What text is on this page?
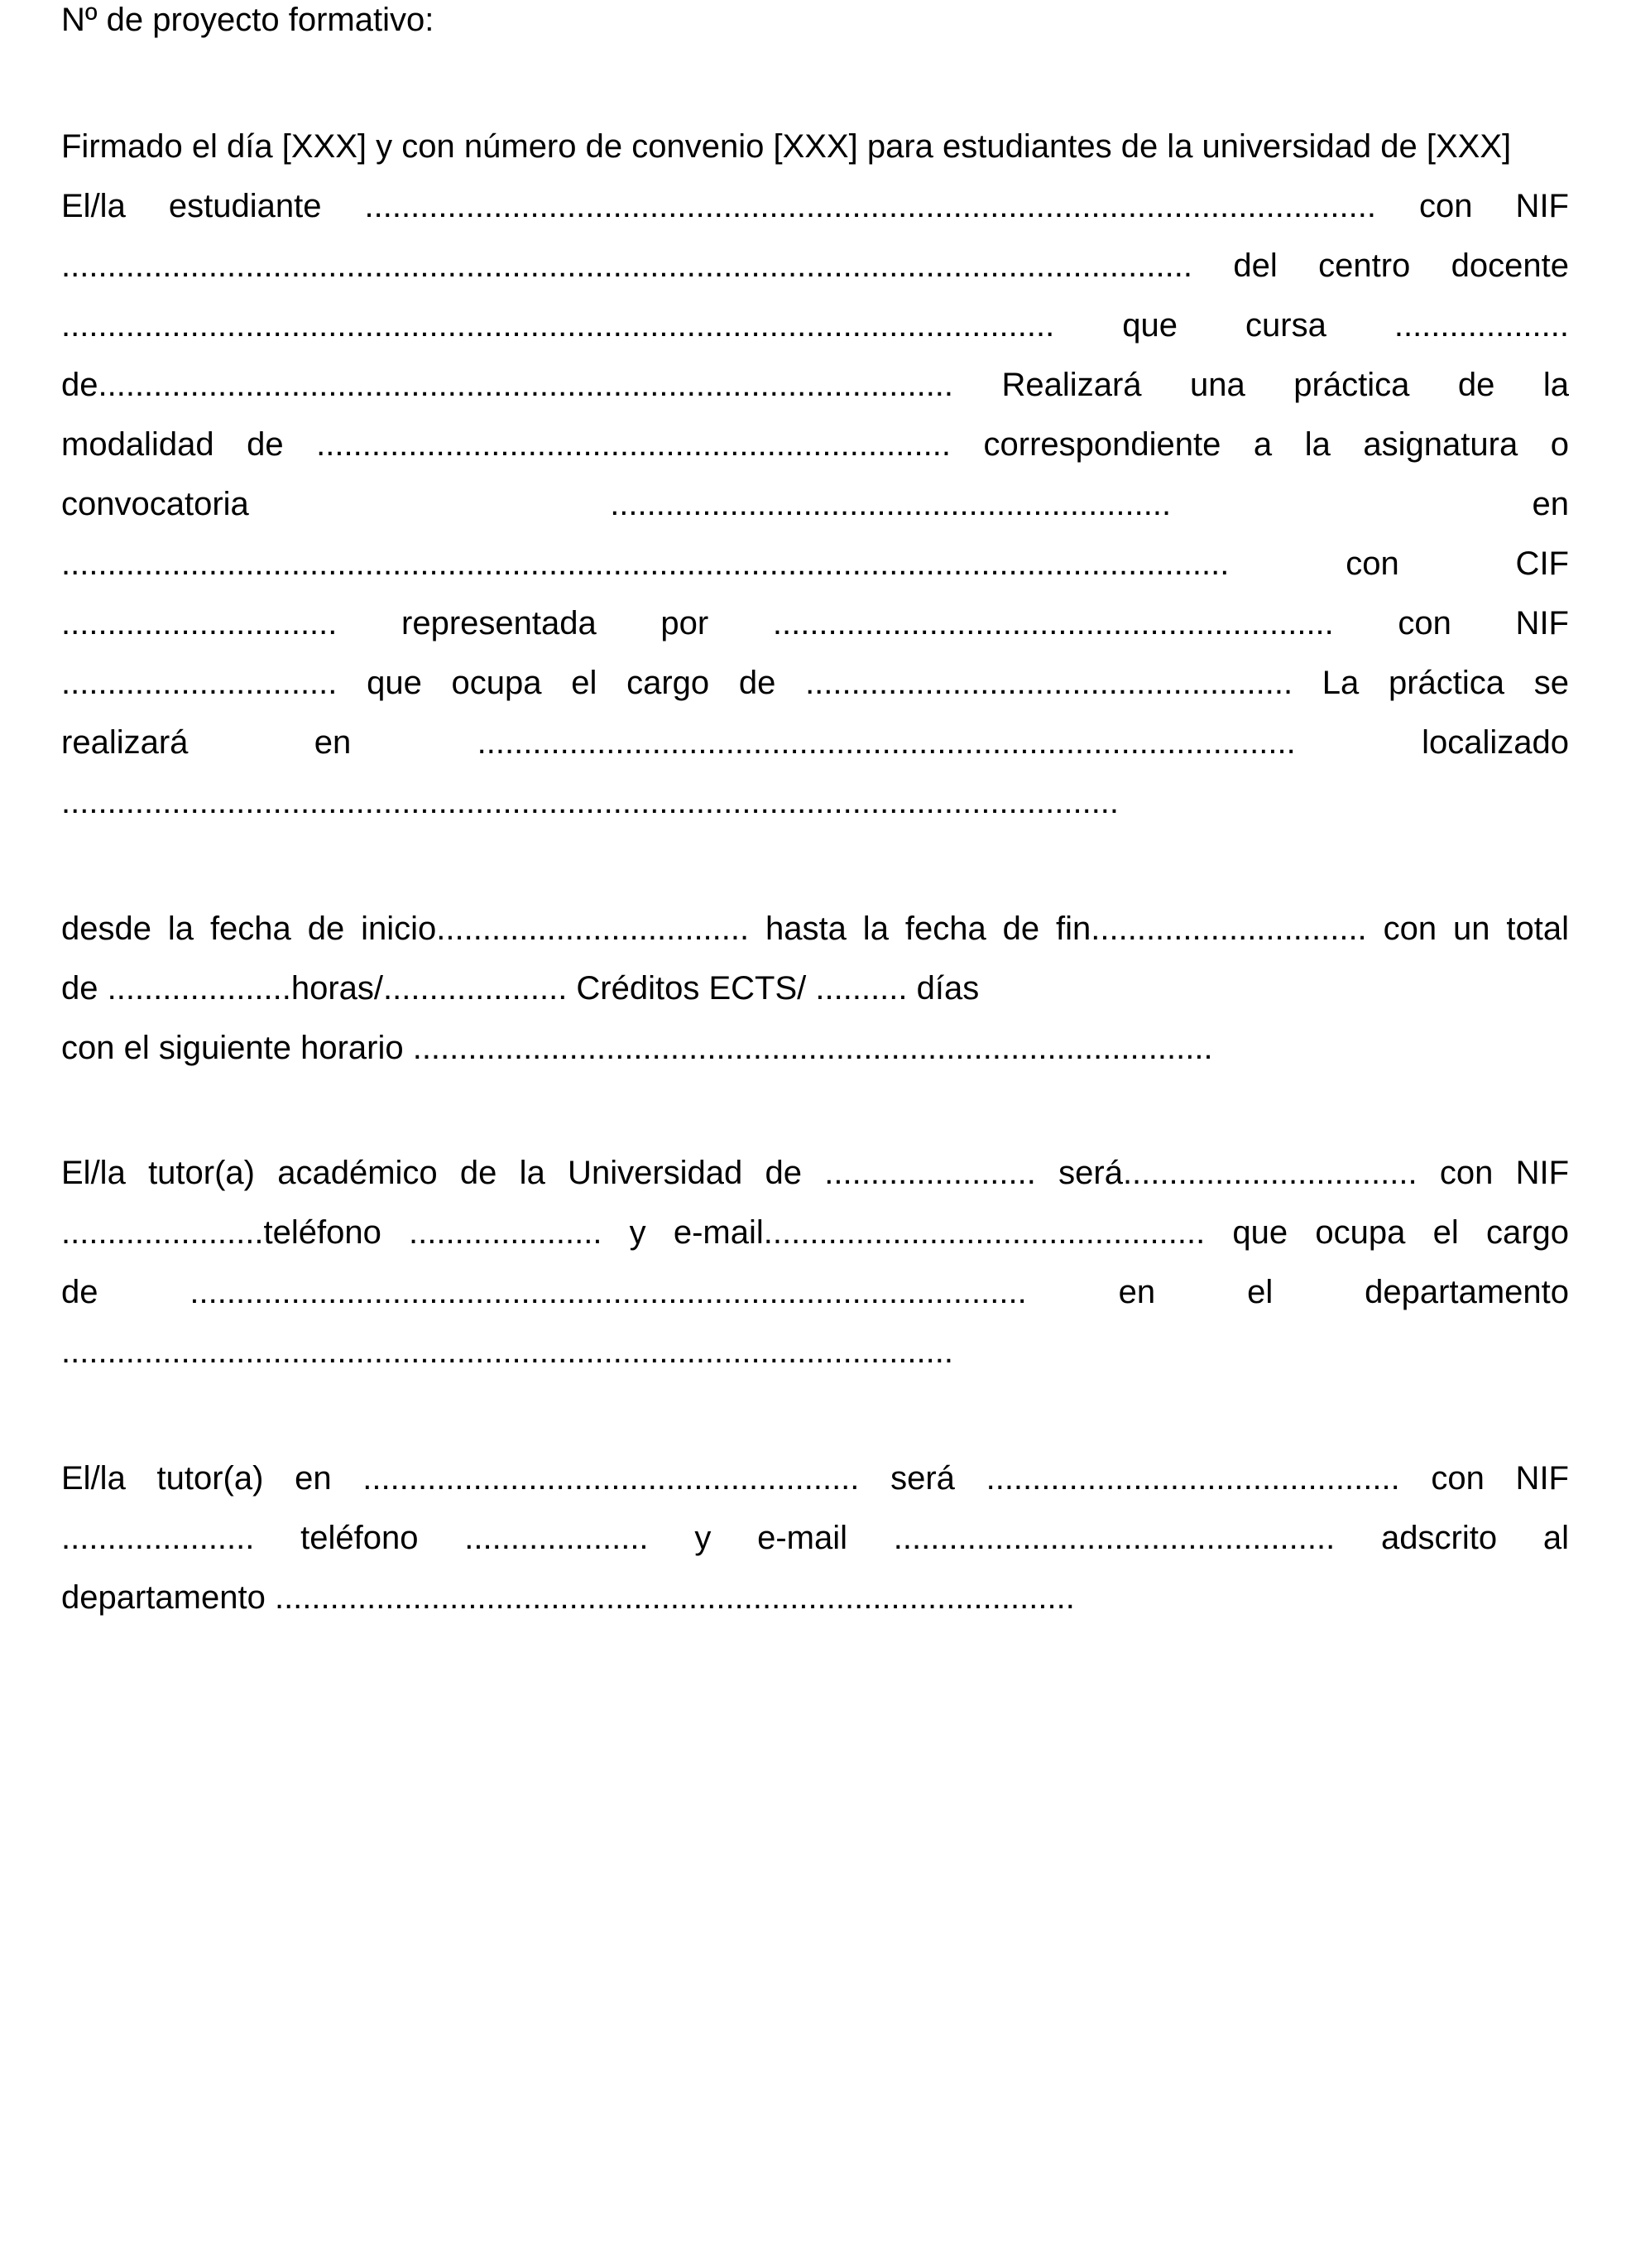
Nº de proyecto formativo:
Firmado el día [XXX] y con número de convenio [XXX] para estudiantes de la universidad de [XXX]
El/la estudiante .............................................................................................................. con NIF
........................................................................................................................... del centro docente
............................................................................................................ que cursa ...................
de............................................................................................. Realizará una práctica de la
modalidad de ..................................................................... correspondiente a la asignatura o
convocatoria ............................................................. en
............................................................................................................................... con CIF
.............................. representada por ............................................................. con NIF
.............................. que ocupa el cargo de ..................................................... La práctica se
realizará en ......................................................................................... localizado
...................................................................................................................
desde la fecha de inicio.................................. hasta la fecha de fin.............................. con un total
de ....................horas/.................... Créditos ECTS/ .......... días
con el siguiente horario .......................................................................................
El/la tutor(a) académico de la Universidad de ....................... será................................ con NIF
......................teléfono ..................... y e-mail................................................ que ocupa el cargo
de ........................................................................................... en el departamento
.................................................................................................
El/la tutor(a) en ...................................................... será ............................................. con NIF
..................... teléfono .................... y e-mail ................................................ adscrito al
departamento .......................................................................................
